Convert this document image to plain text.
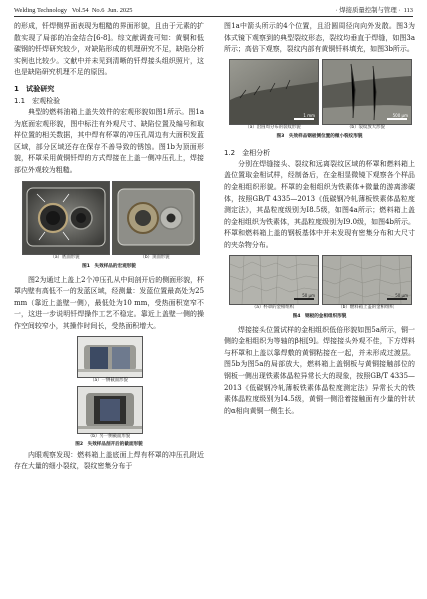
Welding Technology Vol.54 No.6 Jun. 2025	· 焊接质量控制与管理 · 113

的形成，钎焊侧界面表现为粗糙的界面形貌，且由于元素的扩散实现了局部的冶金结合[6-8]。综文献调查可知：黄铜和低碳钢的钎焊研究较少，对缺陷形成的机理研究不足，缺陷分析实例也比较少。文献中并未见到清晰的钎焊接头组织照片，这也是缺陷研究机理不足的原因。

1　试验研究
1.1　宏观检验

典型的燃料油箱上盖失效件的宏观形貌如图1所示。图1a为底面宏观形貌，图中标注有外观尺寸、缺陷位置及编号和取样位置的相关数据，其中焊有杯罩的冲压孔周边有大面积发蓝区域，部分区域还存在保存不善导致的锈蚀。图1b为顶面形貌，杯罩采用黄铜钎焊的方式焊接在上盖一侧冲压孔上，焊接部位外观较为粗糙。

（a）底面形貌	（b）顶面形貌
图1　失效样品的宏观形貌

图2为通过上盖上2个冲压孔从中间剖开后的侧面形貌，杯罩内壁有高低不一的发蓝区域，经测量：发蓝位置最高处为25 mm（靠近上盖壁一侧），最低处为10 mm，受热面积宽窄不一，这进一步说明钎焊操作工艺不稳定。靠近上盖壁一侧的操作空间较窄小，其操作时间长，受热面积增大。

（a）一侧截面形貌
（b）另一侧截面形貌
图2　失效样品剖开后的截面形貌

内眼观察发现：燃料箱上盖底面上焊有杯罩的冲压孔附近存在大量的细小裂纹，裂纹密集分布于

图1a中箭头所示的4个位置，且沿圆周径向向外发散。图3为体式镜下观察到的典型裂纹形态，裂纹均垂直于焊缝，如图3a所示；高倍下观察，裂纹内部有黄铜钎料填充，如图3b所示。

1 mm	500 µm
（a）沿圆周分布的裂纹形貌	（b）裂纹放大形貌
图3　失效样品钢板侧位置的微小裂纹形貌
1.2　金相分析

分别在焊缝接头、裂纹和远离裂纹区域的杯罩和燃料箱上盖位置取金相试样，经制备后，在金相显微镜下观察各个样品的金相组织形貌。杯罩的金相组织为铁素体+微量的游离渗碳体，按照GB/T 4335—2013《低碳钢冷轧薄板铁素体晶粒度测定法》，其晶粒度级别为Ⅰ8.5级，如图4a所示；燃料箱上盖的金相组织为铁素体，其晶粒度级别为Ⅰ9.0级，如图4b所示。杯罩和燃料箱上盖的钢板基体中并未发现有密集分布和大尺寸的夹杂物分布。

50 µm	50 µm
（a）杯罩的金相组织	（b）燃料箱上盖的金相组织
图4　钢板的金相组织形貌

焊接接头位置试样的金相组织低倍形貌如图5a所示，铜一侧的金相组织为等轴的β相[9]。焊接接头外观不佳，下方焊料与杯罩和上盖以靠焊敷的黄铜粘接在一起，并未形成过渡层。图5b为图5a的局部放大，燃料箱上盖钢板与黄铜接触部位的钢板一侧出现铁素体晶粒异常长大的现象，按照GB/T 4335—2013《低碳钢冷轧薄板铁素体晶粒度测定法》异常长大的铁素体晶粒度级别为Ⅰ4.5级，黄铜一侧沿着接触面有少量的针状的α相向黄铜一侧生长。
